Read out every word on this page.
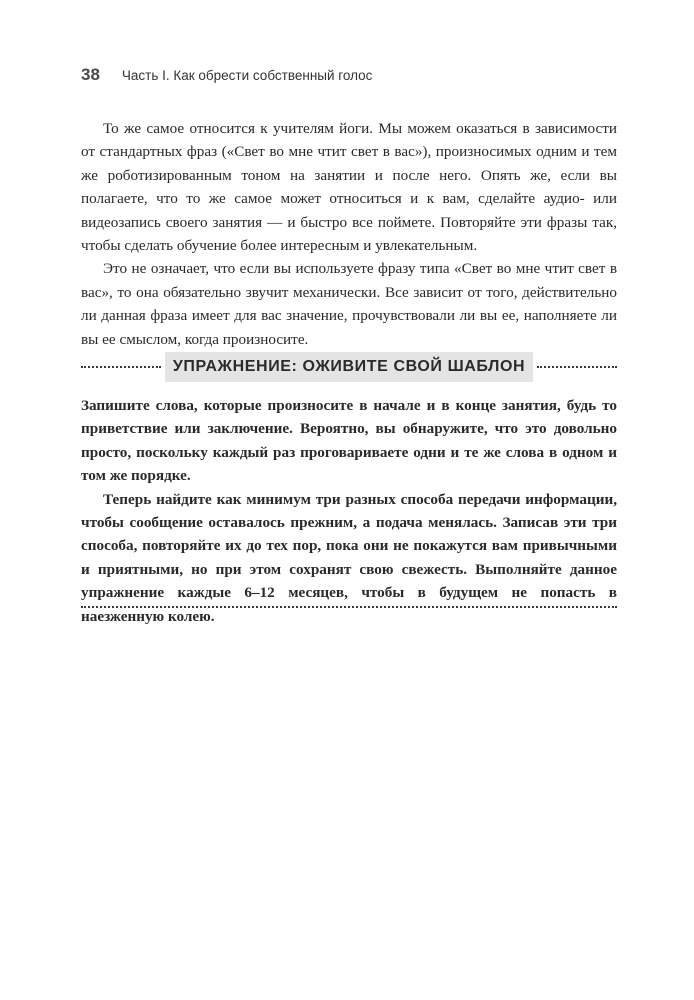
38 Часть I. Как обрести собственный голос

То же самое относится к учителям йоги. Мы можем оказаться в зависимости от стандартных фраз («Свет во мне чтит свет в вас»), произносимых одним и тем же роботизированным тоном на занятии и после него. Опять же, если вы полагаете, что то же самое может относиться и к вам, сделайте аудио- или видеозапись своего занятия — и быстро все поймете. Повторяйте эти фразы так, чтобы сделать обучение более интересным и увлекательным.

Это не означает, что если вы используете фразу типа «Свет во мне чтит свет в вас», то она обязательно звучит механически. Все зависит от того, действительно ли данная фраза имеет для вас значение, прочувствовали ли вы ее, наполняете ли вы ее смыслом, когда произносите.

УПРАЖНЕНИЕ: ОЖИВИТЕ СВОЙ ШАБЛОН

Запишите слова, которые произносите в начале и в конце занятия, будь то приветствие или заключение. Вероятно, вы обнаружите, что это довольно просто, поскольку каждый раз проговариваете одни и те же слова в одном и том же порядке.

Теперь найдите как минимум три разных способа передачи информации, чтобы сообщение оставалось прежним, а подача менялась. Записав эти три способа, повторяйте их до тех пор, пока они не покажутся вам привычными и приятными, но при этом сохранят свою свежесть. Выполняйте данное упражнение каждые 6–12 месяцев, чтобы в будущем не попасть в наезженную колею.
